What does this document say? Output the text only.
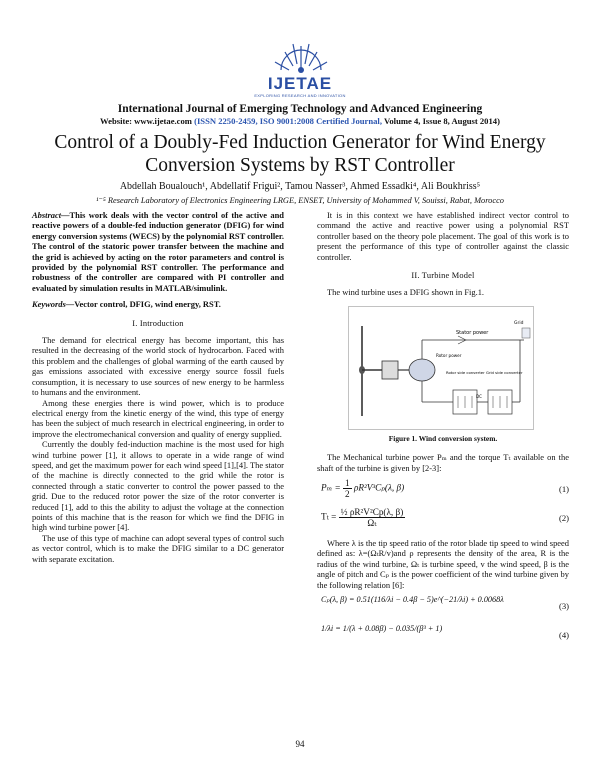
IJETAE
EXPLORING RESEARCH AND INNOVATION
International Journal of Emerging Technology and Advanced Engineering
Website: www.ijetae.com (ISSN 2250-2459, ISO 9001:2008 Certified Journal, Volume 4, Issue 8, August 2014)
Control of a Doubly-Fed Induction Generator for Wind Energy Conversion Systems by RST Controller
Abdellah Boualouch¹, Abdellatif Frigui², Tamou Nasser³, Ahmed Essadki⁴, Ali Boukhriss⁵
¹⁻⁵ Research Laboratory of Electronics Engineering LRGE, ENSET, University of Mohammed V, Souissi, Rabat, Morocco

Abstract—This work deals with the vector control of the active and reactive powers of a double-fed induction generator (DFIG) for wind energy conversion systems (WECS) by the polynomial RST controller. The control of the statoric power transfer between the machine and the grid is achieved by acting on the rotor parameters and control is provided by the polynomial RST controller. The performance and robustness of the controller are compared with PI controller and evaluated by simulation results in MATLAB/simulink.

Keywords—Vector control, DFIG, wind energy, RST.

I. Introduction

The demand for electrical energy has become important, this has resulted in the decreasing of the world stock of hydrocarbon. Faced with this problem and the challenges of global warming of the earth caused by gas emissions associated with excessive energy source fossil fuels consumption, it is necessary to use sources of new energy to be harmless to humans and the environment.

Among these energies there is wind power, which is to produce electrical energy from the kinetic energy of the wind, this type of energy has been the subject of much research in electrical engineering, in order to improve the electromechanical conversion and quality of energy supplied.

Currently the doubly fed-induction machine is the most used for high wind turbine power [1], it allows to operate in a wide range of wind speed, and get the maximum power for each wind speed [1],[4]. The stator of the machine is directly connected to the grid while the rotor is connected through a static converter to control the power passed to the grid. Due to the reduced rotor power the size of the rotor converter is reduced [1], add to this the ability to adjust the voltage at the connection points of this machine that is the reason for which we find the DFIG in high wind turbine power [4].

The use of this type of machine can adopt several types of control such as vector control, which is to make the DFIG similar to a DC generator with separate excitation.

It is in this context we have established indirect vector control to command the active and reactive power using a polynomial RST controller based on the theory pole placement. The goal of this work is to present the performance of this type of controller against the classic controller.

II. Turbine Model

The wind turbine uses a DFIG shown in Fig.1.

Stator power
Rotor power
DC
Rotor side converter Grid side converter
Grid
Figure 1. Wind conversion system.

The Mechanical turbine power Pₘ and the torque Tₜ available on the shaft of the turbine is given by [2-3]:

$P_m = \frac{1}{2} \rho R^2V^3C_p(\lambda$, β)	(1)
$T_t = \frac{\text{½ ρR²V²Cp(λ, β)}}{\text{Ωₜ}}$	(2)

Where λ is the tip speed ratio of the rotor blade tip speed to wind speed defined as: λ=(ΩₜR/v)and ρ represents the density of the area, R is the radius of the wind turbine, Ωₜ is turbine speed, v the wind speed, β is the angle of pitch and Cₚ is the power coefficient of the wind turbine given by the following relation [6]:

Cₚ(λ, β) = 0.51(116/λi − 0.4β − 5)e^(−21/λi) + 0.0068λ
(3)
1/λi = 1/(λ + 0.08β) − 0.035/(β³ + 1)
(4)
94
